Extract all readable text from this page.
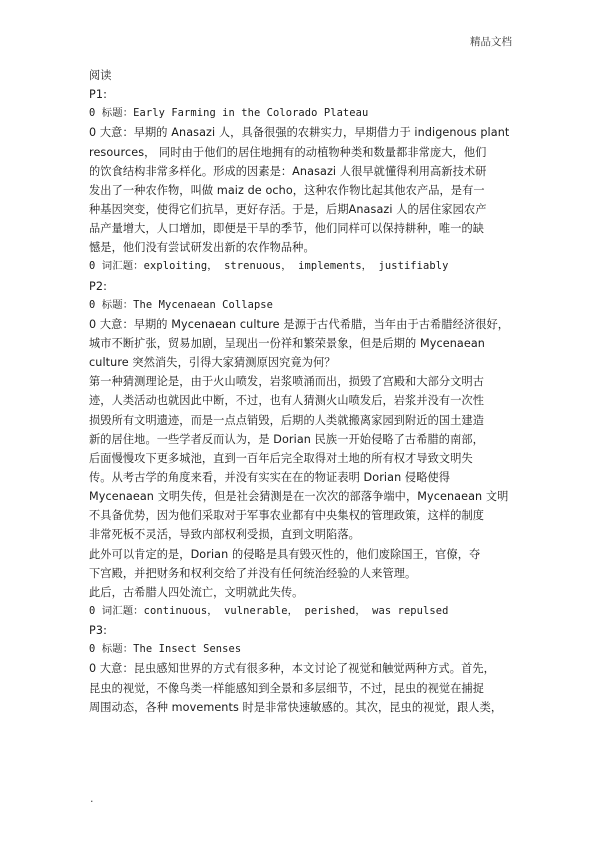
精品文档
阅读
P1:
0 标题：Early Farming in the Colorado Plateau
0 大意：早期的 Anasazi 人，具备很强的农耕实力，早期借力于 indigenous plant
resources， 同时由于他们的居住地拥有的动植物种类和数量都非常庞大，他们
的饮食结构非常多样化。形成的因素是：Anasazi 人很早就懂得利用高新技术研
发出了一种农作物，叫做 maiz de ocho，这种农作物比起其他农产品，是有一
种基因突变，使得它们抗旱，更好存活。于是，后期Anasazi 人的居住家园农产
品产量增大，人口增加，即便是干旱的季节，他们同样可以保持耕种，唯一的缺
憾是，他们没有尝试研发出新的农作物品种。
0 词汇题：exploiting， strenuous， implements， justifiably
P2:
0 标题：The Mycenaean Collapse
0 大意：早期的 Mycenaean culture 是源于古代希腊，当年由于古希腊经济很好，
城市不断扩张，贸易加剧，呈现出一份祥和繁荣景象，但是后期的 Mycenaean
culture 突然消失，引得大家猜测原因究竟为何？
第一种猜测理论是，由于火山喷发，岩浆喷涌而出，损毁了宫殿和大部分文明古
迹，人类活动也就因此中断，不过，也有人猜测火山喷发后，岩浆并没有一次性
损毁所有文明遗迹，而是一点点销毁，后期的人类就搬离家园到附近的国土建造
新的居住地。一些学者反而认为，是 Dorian 民族一开始侵略了古希腊的南部，
后面慢慢攻下更多城池，直到一百年后完全取得对土地的所有权才导致文明失
传。从考古学的角度来看，并没有实实在在的物证表明 Dorian 侵略使得
Mycenaean 文明失传，但是社会猜测是在一次次的部落争端中，Mycenaean 文明
不具备优势，因为他们采取对于军事农业都有中央集权的管理政策，这样的制度
非常死板不灵活，导致内部权利受损，直到文明陷落。
此外可以肯定的是，Dorian 的侵略是具有毁灭性的，他们废除国王，官僚，夺
下宫殿，并把财务和权利交给了并没有任何统治经验的人来管理。
此后，古希腊人四处流亡，文明就此失传。
0 词汇题：continuous， vulnerable， perished， was repulsed
P3:
0 标题：The Insect Senses
0 大意：昆虫感知世界的方式有很多种，本文讨论了视觉和触觉两种方式。首先，
昆虫的视觉，不像鸟类一样能感知到全景和多层细节，不过，昆虫的视觉在捕捉
周围动态，各种 movements 时是非常快速敏感的。其次，昆虫的视觉，跟人类，
.
